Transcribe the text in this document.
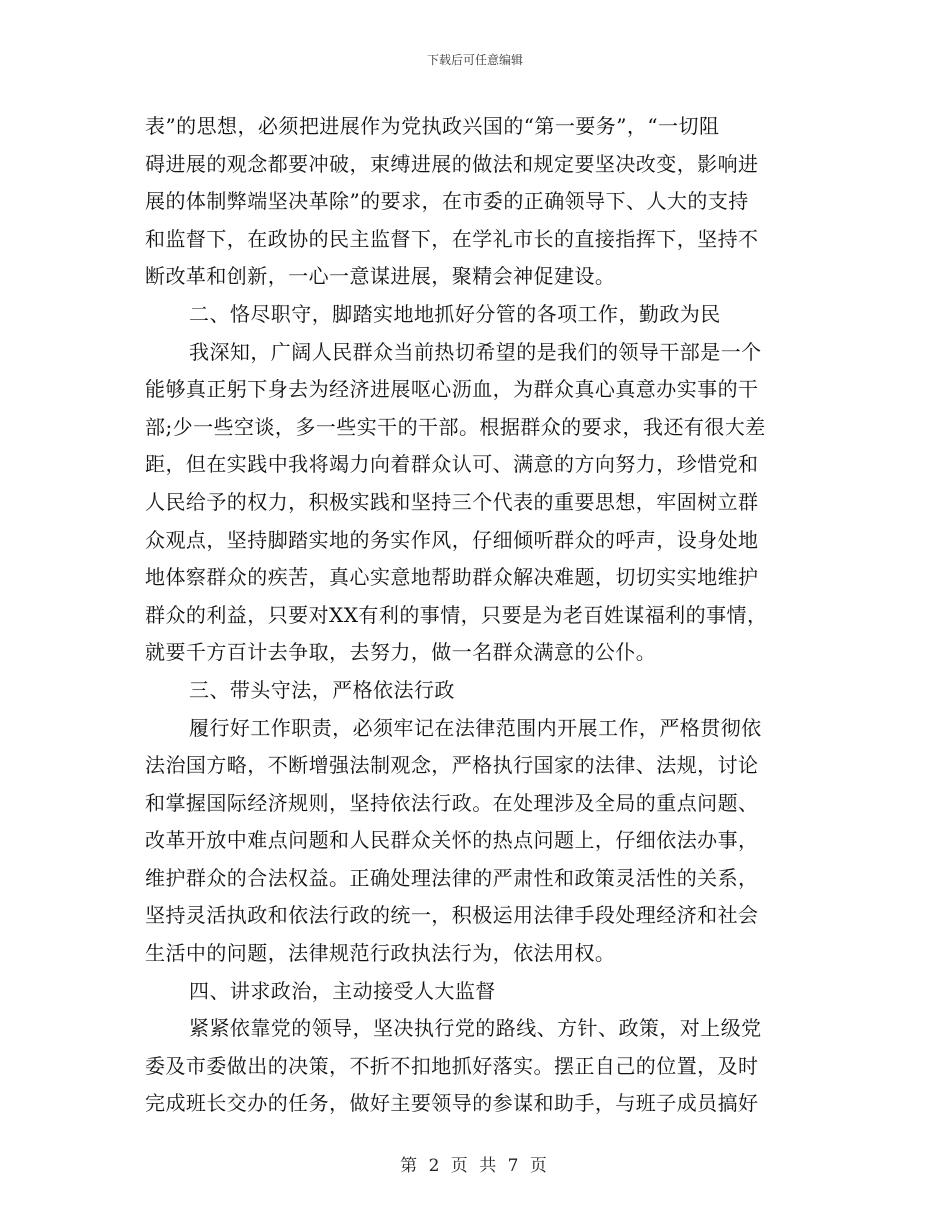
下载后可任意编辑
表”的思想，必须把进展作为党执政兴国的“第一要务”，“一切阻
碍进展的观念都要冲破，束缚进展的做法和规定要坚决改变，影响进
展的体制弊端坚决革除”的要求，在市委的正确领导下、人大的支持
和监督下，在政协的民主监督下，在学礼市长的直接指挥下，坚持不
断改革和创新，一心一意谋进展，聚精会神促建设。
二、恪尽职守，脚踏实地地抓好分管的各项工作，勤政为民
我深知，广阔人民群众当前热切希望的是我们的领导干部是一个
能够真正躬下身去为经济进展呕心沥血，为群众真心真意办实事的干
部;少一些空谈，多一些实干的干部。根据群众的要求，我还有很大差
距，但在实践中我将竭力向着群众认可、满意的方向努力，珍惜党和
人民给予的权力，积极实践和坚持三个代表的重要思想，牢固树立群
众观点，坚持脚踏实地的务实作风，仔细倾听群众的呼声，设身处地
地体察群众的疾苦，真心实意地帮助群众解决难题，切切实实地维护
群众的利益，只要对XX有利的事情，只要是为老百姓谋福利的事情，
就要千方百计去争取，去努力，做一名群众满意的公仆。
三、带头守法，严格依法行政
履行好工作职责，必须牢记在法律范围内开展工作，严格贯彻依
法治国方略，不断增强法制观念，严格执行国家的法律、法规，讨论
和掌握国际经济规则，坚持依法行政。在处理涉及全局的重点问题、
改革开放中难点问题和人民群众关怀的热点问题上，仔细依法办事，
维护群众的合法权益。正确处理法律的严肃性和政策灵活性的关系，
坚持灵活执政和依法行政的统一，积极运用法律手段处理经济和社会
生活中的问题，法律规范行政执法行为，依法用权。
四、讲求政治，主动接受人大监督
紧紧依靠党的领导，坚决执行党的路线、方针、政策，对上级党
委及市委做出的决策，不折不扣地抓好落实。摆正自己的位置，及时
完成班长交办的任务，做好主要领导的参谋和助手，与班子成员搞好
第 2 页 共 7 页
